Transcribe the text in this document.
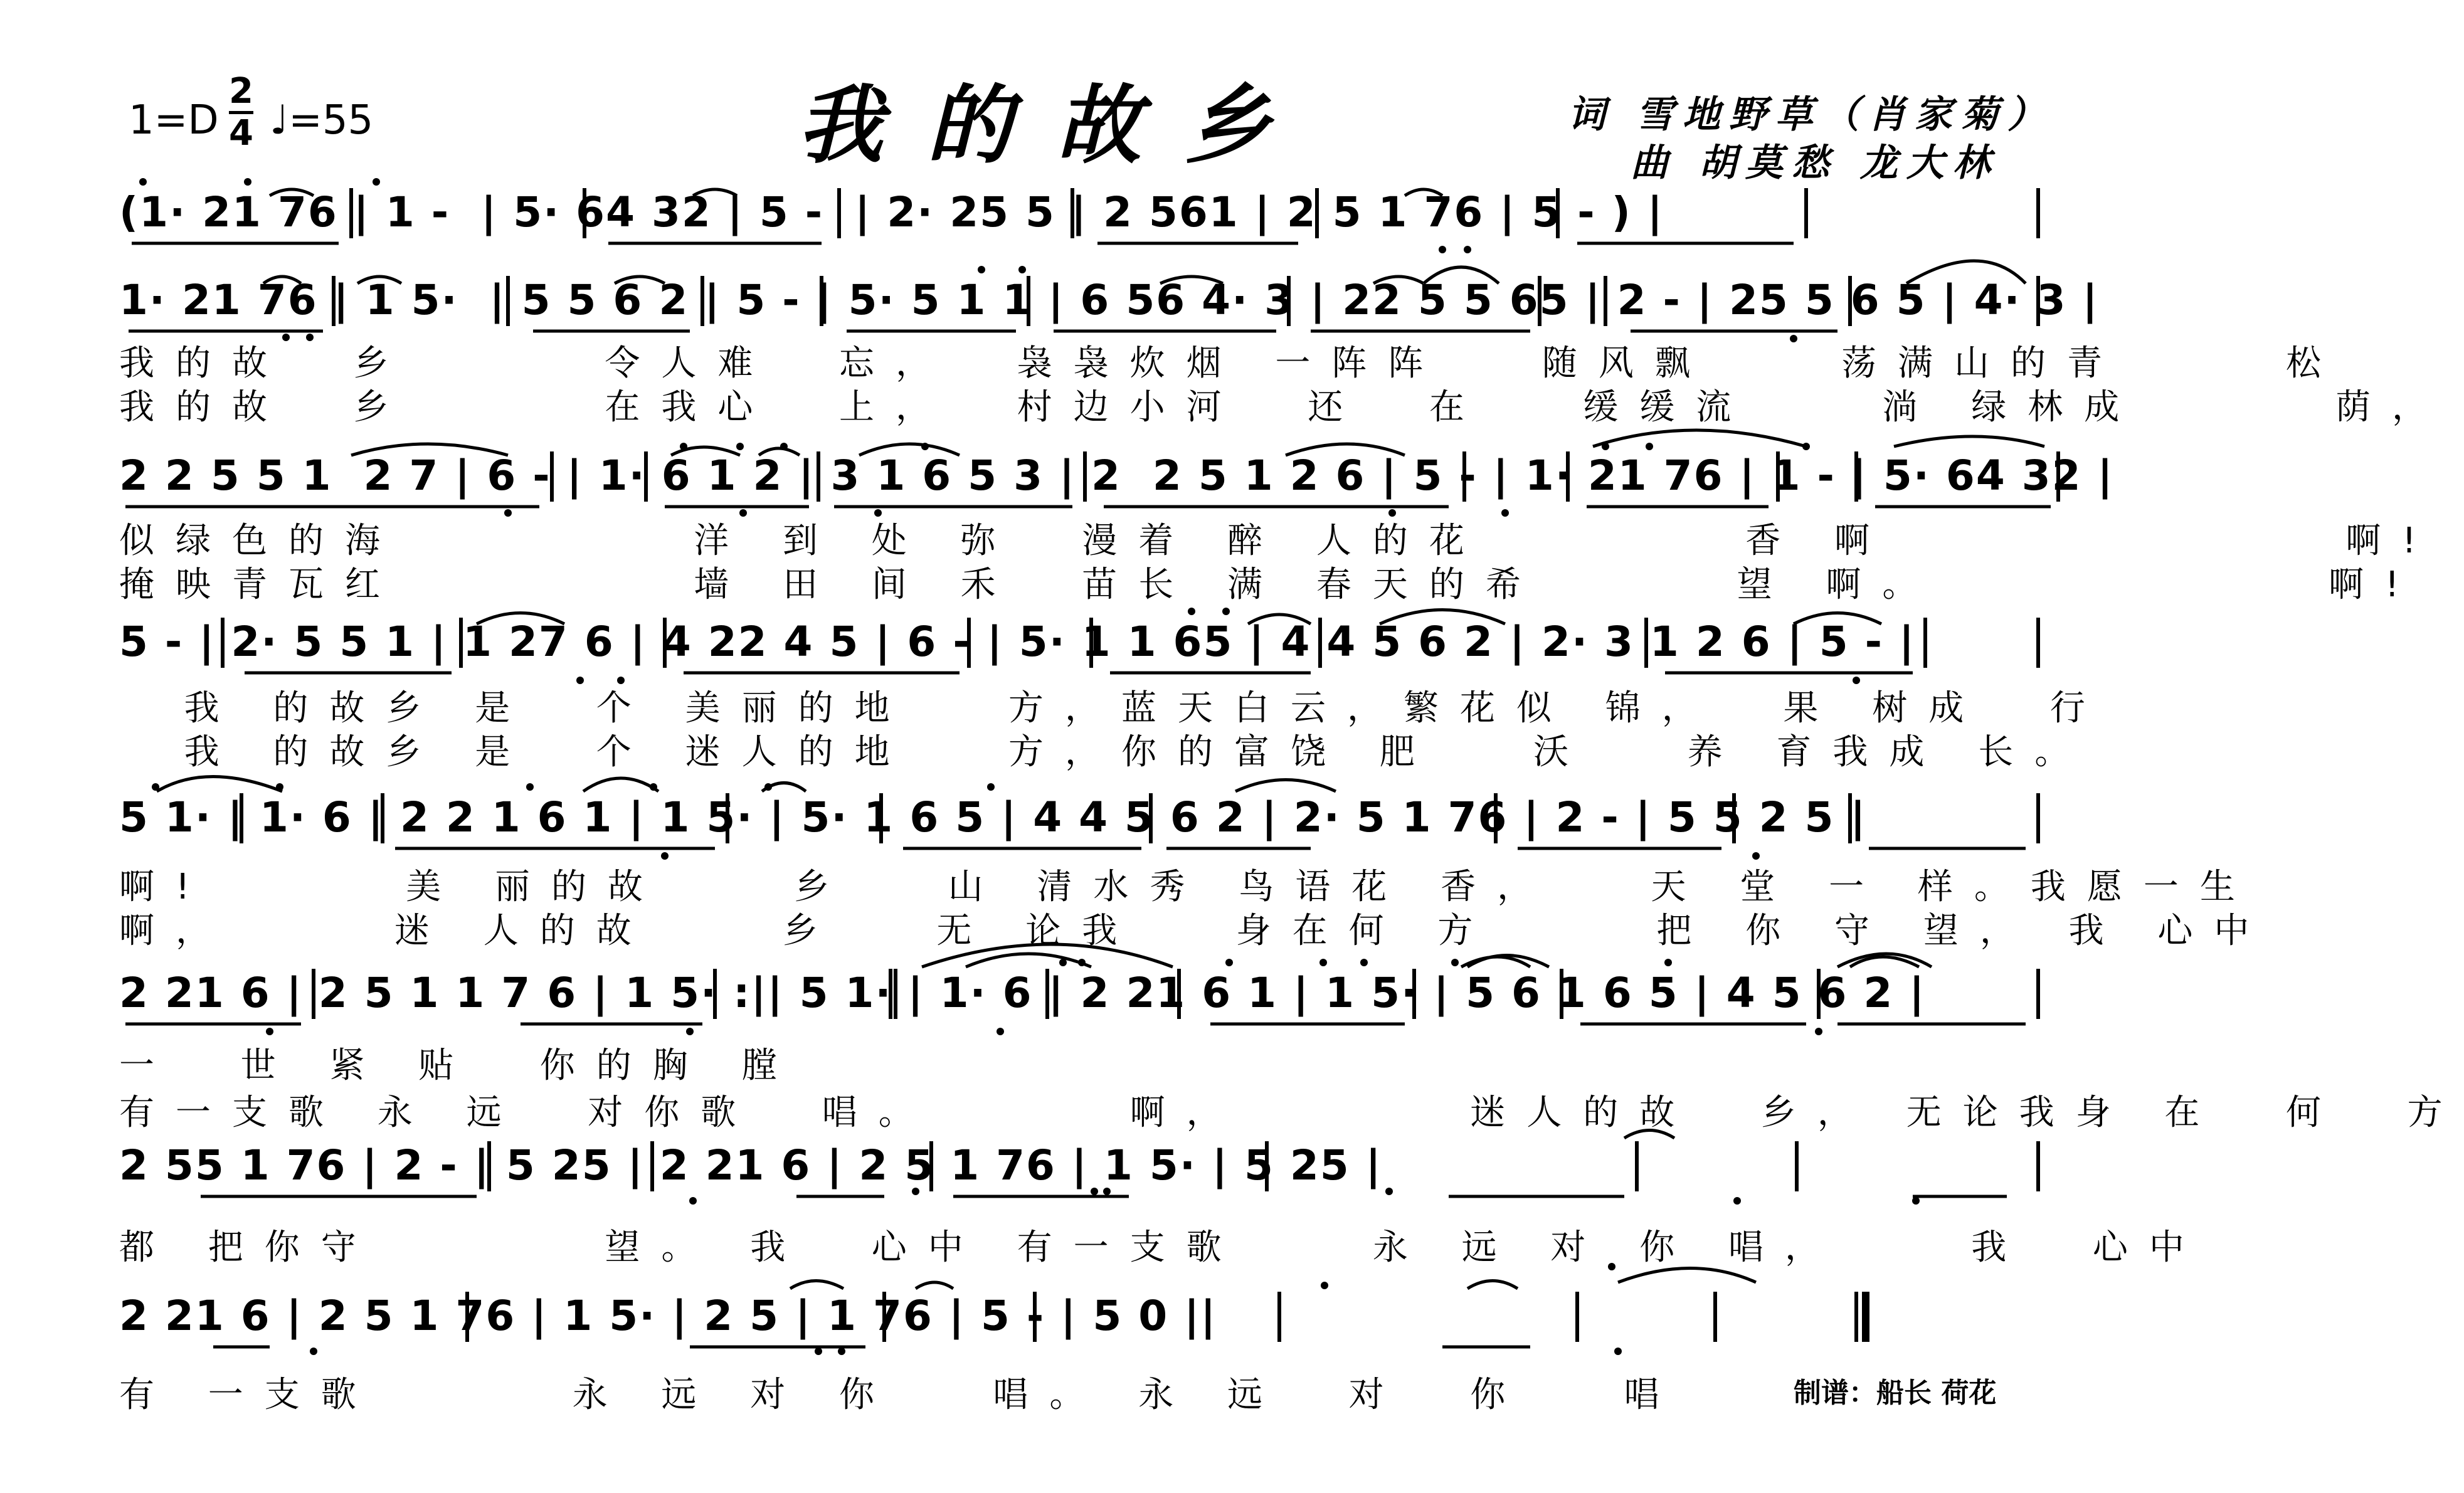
我的故乡
$1=D \frac{2}{4}$ ♩=55	词 雪地野草（肖家菊）
曲 胡莫愁 龙大林
(1· 21 76 | 1 -  | 5· 64 32 | 5 -  | 2· 25 5 | 2 561 | 2 5 1 76 | 5 - ) |
1· 21 76 | 1 5·  | 5 5 6 2 | 5 - | 5· 5 1 1 | 6 56 4· 3 | 22 5 5 65 | 2 - | 25 5 6 5 | 4· 3 |
我的故  乡      令人难  忘，  袅袅炊烟 一阵阵   随风飘    荡满山的青     松
我的故  乡      在我心  上，  村边小河  还  在   缓缓流    淌 绿林成      荫，
2 2 5 5 1  2 7 | 6 - | 1· 6 1 2 | 3 1 6 5 3 | 2  2 5 1 2 6 | 5 - | 1· 21 76 | 1 - | 5· 64 32 |
似绿色的海         洋 到 处 弥  漫着 醉 人的花        香 啊              啊!
掩映青瓦红         墙 田 间 禾  苗长 满 春天的希      望 啊。            啊!
5 - | 2· 5 5 1 | 1 27 6 | 4 22 4 5 | 6 - | 5· 1 1 65 | 4 4 5 6 2 | 2· 3 1 2 6 | 5 - |
我 的故乡 是  个 美丽的地   方，蓝天白云，繁花似 锦，  果 树成  行
我 的故乡 是  个 迷人的地   方，你的富饶 肥   沃   养 育我成 长。
5 1· | 1· 6 | 2 2 1 6 1 | 1 5· | 5· 1 6 5 | 4 4 5 6 2 | 2· 5 1 76 | 2 - | 5 5 2 5 |
啊!      美 丽的故    乡   山 清水秀 鸟语花 香，   天 堂 一 样。我愿一生
啊，     迷 人的故    乡   无 论我   身在何 方     把 你 守 望， 我 心中
2 21 6 | 2 5 1 1 7 6 | 1 5· :|| 5 1· | 1· 6 | 2 21 6 1 | 1 5· | 5 6 1 6 5 | 4 5 6 2 |
一  世 紧 贴  你的胸 膛
有一支歌 永 远  对你歌  唱。      啊，       迷人的故  乡， 无论我身 在  何  方
2 55 1 76 | 2 - | 5 25 | 2 21 6 | 2 5 1 76 | 1 5· | 5 25 |
都 把你守       望。 我  心中 有一支歌    永 远 对 你 唱，    我  心中
2 21 6 | 2 5 1 76 | 1 5· | 2 5 | 1 76 | 5 - | 5 0 ||
有 一支歌      永 远 对 你   唱。 永 远  对  你   唱	制谱：船长 荷花
